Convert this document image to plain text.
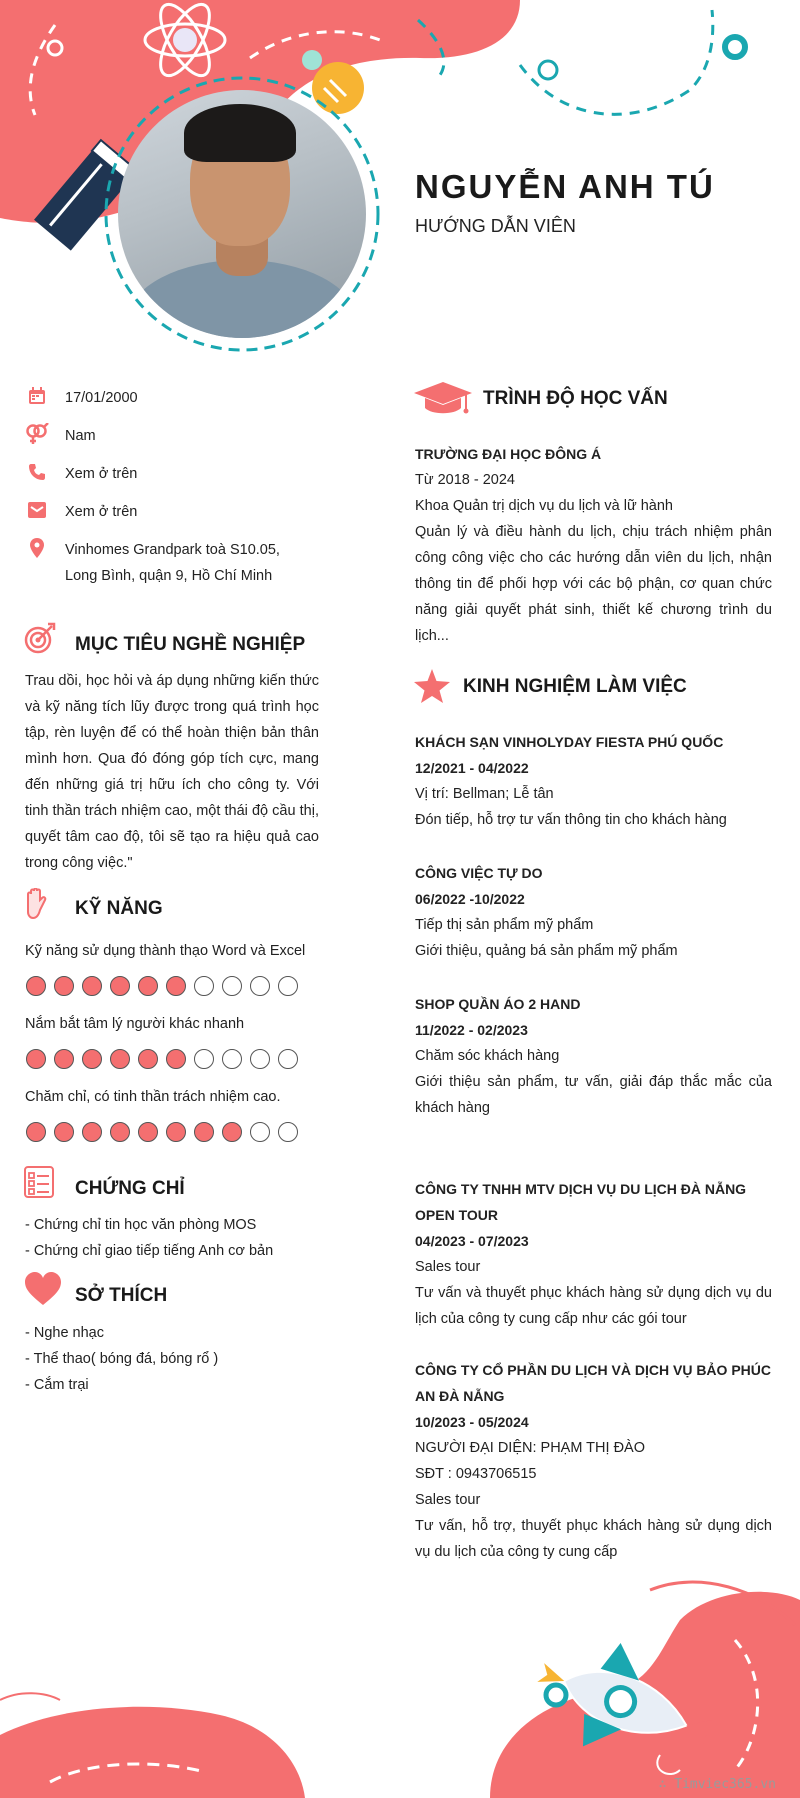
NGUYỄN ANH TÚ
HƯỚNG DẪN VIÊN
17/01/2000
Nam
Xem ở trên
Xem ở trên
Vinhomes Grandpark toà S10.05, Long Bình, quận 9, Hồ Chí Minh
MỤC TIÊU NGHỀ NGHIỆP
Trau dồi, học hỏi và áp dụng những kiến thức và kỹ năng tích lũy được trong quá trình học tập, rèn luyện để có thể hoàn thiện bản thân mình hơn. Qua đó đóng góp tích cực, mang đến những giá trị hữu ích cho công ty. Với tinh thần trách nhiệm cao, một thái độ cầu thị, quyết tâm cao độ, tôi sẽ tạo ra hiệu quả cao trong công việc."
KỸ NĂNG
Kỹ năng sử dụng thành thạo Word và Excel
Nắm bắt tâm lý người khác nhanh
Chăm chỉ, có tinh thần trách nhiệm cao.
CHỨNG CHỈ
- Chứng chỉ tin học văn phòng MOS
- Chứng chỉ giao tiếp tiếng Anh cơ bản
SỞ THÍCH
- Nghe nhạc
- Thể thao( bóng đá, bóng rổ )
- Cắm trại
TRÌNH ĐỘ HỌC VẤN
TRƯỜNG ĐẠI HỌC ĐÔNG Á
Từ 2018 - 2024
Khoa Quản trị dịch vụ du lịch và lữ hành
Quản lý và điều hành du lịch, chịu trách nhiệm phân công công việc cho các hướng dẫn viên du lịch, nhận thông tin để phối hợp với các bộ phận, cơ quan chức năng giải quyết phát sinh, thiết kế chương trình du lịch...
KINH NGHIỆM LÀM VIỆC
KHÁCH SẠN VINHOLYDAY FIESTA PHÚ QUỐC
12/2021 - 04/2022
Vị trí: Bellman; Lễ tân
Đón tiếp, hỗ trợ tư vấn thông tin cho khách hàng
CÔNG VIỆC TỰ DO
06/2022 -10/2022
Tiếp thị sản phẩm mỹ phẩm
Giới thiệu, quảng bá sản phẩm mỹ phẩm
SHOP QUẦN ÁO 2 HAND
11/2022 - 02/2023
Chăm sóc khách hàng
Giới thiệu sản phẩm, tư vấn, giải đáp thắc mắc của khách hàng
CÔNG TY TNHH MTV DỊCH VỤ DU LỊCH ĐÀ NẴNG OPEN TOUR
04/2023 - 07/2023
Sales tour
Tư vấn và thuyết phục khách hàng sử dụng dịch vụ du lịch của công ty cung cấp như các gói tour
CÔNG TY CỔ PHẦN DU LỊCH VÀ DỊCH VỤ BẢO PHÚC AN ĐÀ NẴNG
10/2023 - 05/2024
NGƯỜI ĐẠI DIỆN: PHẠM THỊ ĐÀO
SĐT : 0943706515
Sales tour
Tư vấn, hỗ trợ, thuyết phục khách hàng sử dụng dịch vụ du lịch của công ty cung cấp
∴ Timviec365.vn
